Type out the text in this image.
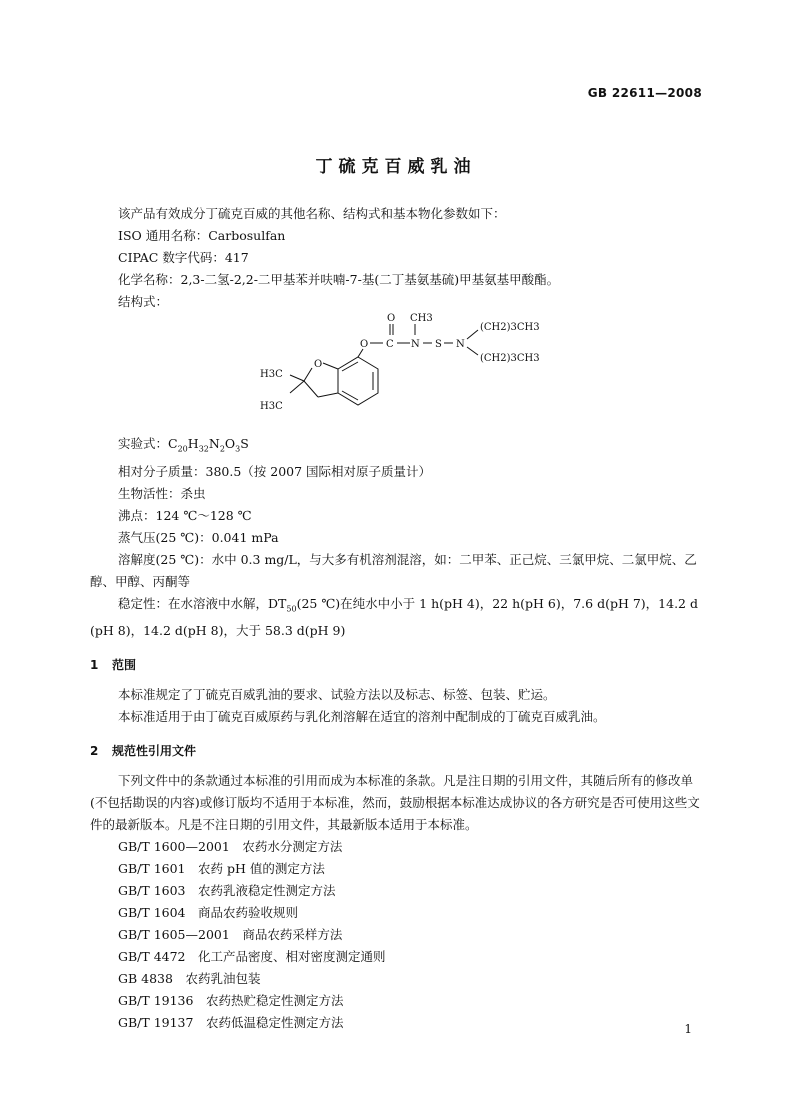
GB 22611—2008
丁硫克百威乳油

该产品有效成分丁硫克百威的其他名称、结构式和基本物化参数如下：

ISO 通用名称：Carbosulfan

CIPAC 数字代码：417

化学名称：2,3-二氢-2,2-二甲基苯并呋喃-7-基(二丁基氨基硫)甲基氨基甲酸酯。

结构式：

O CH3
O C N S N
(CH2)3CH3
(CH2)3CH3
O
H3C
H3C

实验式：$C_{20}H_{32}N_2O_3S$

相对分子质量：380.5（按 2007 国际相对原子质量计）

生物活性：杀虫

沸点：124 ℃～128 ℃

蒸气压(25 ℃)：0.041 mPa

溶解度(25 ℃)：水中 0.3 mg/L，与大多有机溶剂混溶，如：二甲苯、正己烷、三氯甲烷、二氯甲烷、乙醇、甲醇、丙酮等

稳定性：在水溶液中水解，$DT_{50}(25$ ℃)在纯水中小于 1 h(pH 4)，22 h(pH 6)，7.6 d(pH 7)，14.2 d (pH 8)，14.2 d(pH 8)，大于 58.3 d(pH 9)

1 范围

本标准规定了丁硫克百威乳油的要求、试验方法以及标志、标签、包装、贮运。

本标准适用于由丁硫克百威原药与乳化剂溶解在适宜的溶剂中配制成的丁硫克百威乳油。

2 规范性引用文件

下列文件中的条款通过本标准的引用而成为本标准的条款。凡是注日期的引用文件，其随后所有的修改单(不包括勘误的内容)或修订版均不适用于本标准，然而，鼓励根据本标准达成协议的各方研究是否可使用这些文件的最新版本。凡是不注日期的引用文件，其最新版本适用于本标准。

GB/T 1600—2001　农药水分测定方法

GB/T 1601　农药 pH 值的测定方法

GB/T 1603　农药乳液稳定性测定方法

GB/T 1604　商品农药验收规则

GB/T 1605—2001　商品农药采样方法

GB/T 4472　化工产品密度、相对密度测定通则

GB 4838　农药乳油包装

GB/T 19136　农药热贮稳定性测定方法

GB/T 19137　农药低温稳定性测定方法	1
